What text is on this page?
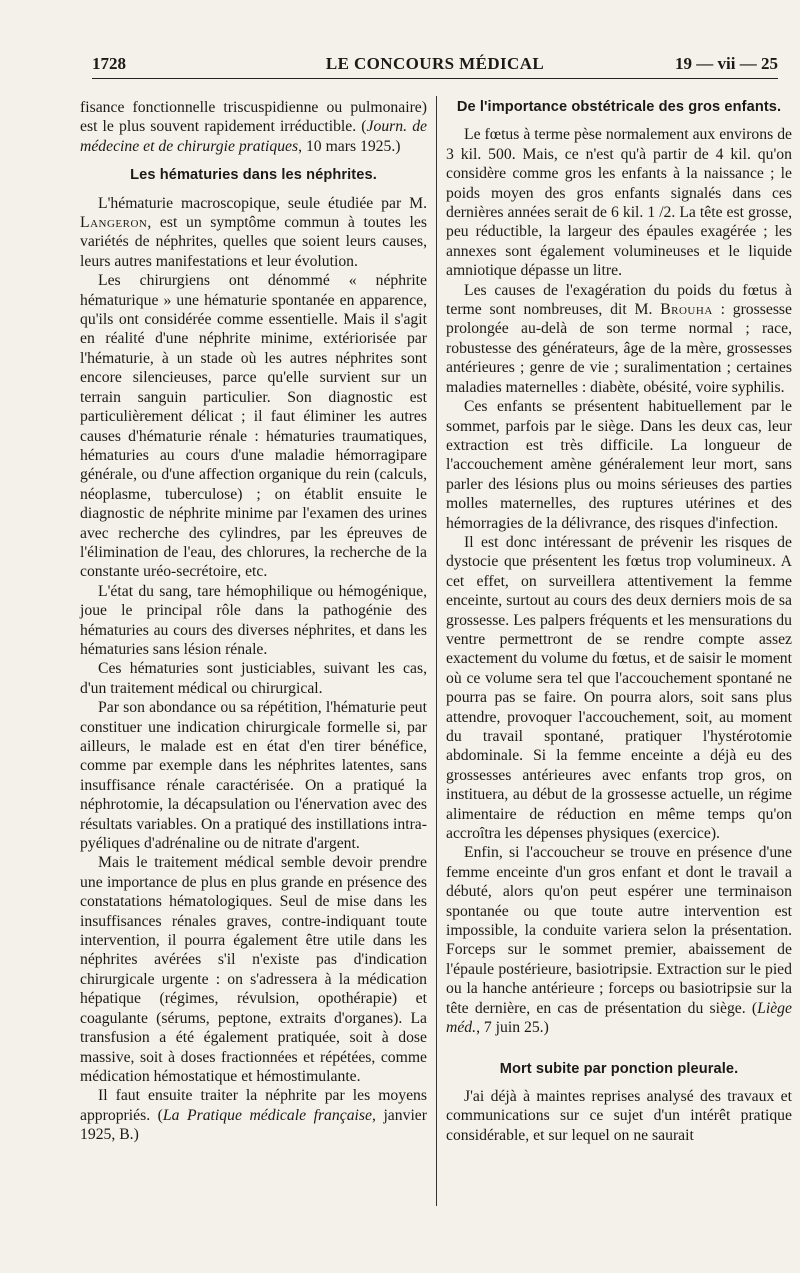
1728	LE CONCOURS MÉDICAL	19 — vii — 25

fisance fonctionnelle triscuspidienne ou pulmonaire) est le plus souvent rapidement irréductible. (Journ. de médecine et de chirurgie pratiques, 10 mars 1925.)

Les hématuries dans les néphrites.

L'hématurie macroscopique, seule étudiée par M. Langeron, est un symptôme commun à toutes les variétés de néphrites, quelles que soient leurs causes, leurs autres manifestations et leur évolution.

Les chirurgiens ont dénommé « néphrite hématurique » une hématurie spontanée en apparence, qu'ils ont considérée comme essentielle. Mais il s'agit en réalité d'une néphrite minime, extériorisée par l'hématurie, à un stade où les autres néphrites sont encore silencieuses, parce qu'elle survient sur un terrain sanguin particulier. Son diagnostic est particulièrement délicat ; il faut éliminer les autres causes d'hématurie rénale : hématuries traumatiques, hématuries au cours d'une maladie hémorragipare générale, ou d'une affection organique du rein (calculs, néoplasme, tuberculose) ; on établit ensuite le diagnostic de néphrite minime par l'examen des urines avec recherche des cylindres, par les épreuves de l'élimination de l'eau, des chlorures, la recherche de la constante uréo-secrétoire, etc.

L'état du sang, tare hémophilique ou hémogénique, joue le principal rôle dans la pathogénie des hématuries au cours des diverses néphrites, et dans les hématuries sans lésion rénale.

Ces hématuries sont justiciables, suivant les cas, d'un traitement médical ou chirurgical.

Par son abondance ou sa répétition, l'hématurie peut constituer une indication chirurgicale formelle si, par ailleurs, le malade est en état d'en tirer bénéfice, comme par exemple dans les néphrites latentes, sans insuffisance rénale caractérisée. On a pratiqué la néphrotomie, la décapsulation ou l'énervation avec des résultats variables. On a pratiqué des instillations intra-pyéliques d'adrénaline ou de nitrate d'argent.

Mais le traitement médical semble devoir prendre une importance de plus en plus grande en présence des constatations hématologiques. Seul de mise dans les insuffisances rénales graves, contre-indiquant toute intervention, il pourra également être utile dans les néphrites avérées s'il n'existe pas d'indication chirurgicale urgente : on s'adressera à la médication hépatique (régimes, révulsion, opothérapie) et coagulante (sérums, peptone, extraits d'organes). La transfusion a été également pratiquée, soit à dose massive, soit à doses fractionnées et répétées, comme médication hémostatique et hémostimulante.

Il faut ensuite traiter la néphrite par les moyens appropriés. (La Pratique médicale française, janvier 1925, B.)

De l'importance obstétricale des gros enfants.

Le fœtus à terme pèse normalement aux environs de 3 kil. 500. Mais, ce n'est qu'à partir de 4 kil. qu'on considère comme gros les enfants à la naissance ; le poids moyen des gros enfants signalés dans ces dernières années serait de 6 kil. 1 /2. La tête est grosse, peu réductible, la largeur des épaules exagérée ; les annexes sont également volumineuses et le liquide amniotique dépasse un litre.

Les causes de l'exagération du poids du fœtus à terme sont nombreuses, dit M. Brouha : grossesse prolongée au-delà de son terme normal ; race, robustesse des générateurs, âge de la mère, grossesses antérieures ; genre de vie ; suralimentation ; certaines maladies maternelles : diabète, obésité, voire syphilis.

Ces enfants se présentent habituellement par le sommet, parfois par le siège. Dans les deux cas, leur extraction est très difficile. La longueur de l'accouchement amène généralement leur mort, sans parler des lésions plus ou moins sérieuses des parties molles maternelles, des ruptures utérines et des hémorragies de la délivrance, des risques d'infection.

Il est donc intéressant de prévenir les risques de dystocie que présentent les fœtus trop volumineux. A cet effet, on surveillera attentivement la femme enceinte, surtout au cours des deux derniers mois de sa grossesse. Les palpers fréquents et les mensurations du ventre permettront de se rendre compte assez exactement du volume du fœtus, et de saisir le moment où ce volume sera tel que l'accouchement spontané ne pourra pas se faire. On pourra alors, soit sans plus attendre, provoquer l'accouchement, soit, au moment du travail spontané, pratiquer l'hystérotomie abdominale. Si la femme enceinte a déjà eu des grossesses antérieures avec enfants trop gros, on instituera, au début de la grossesse actuelle, un régime alimentaire de réduction en même temps qu'on accroîtra les dépenses physiques (exercice).

Enfin, si l'accoucheur se trouve en présence d'une femme enceinte d'un gros enfant et dont le travail a débuté, alors qu'on peut espérer une terminaison spontanée ou que toute autre intervention est impossible, la conduite variera selon la présentation. Forceps sur le sommet premier, abaissement de l'épaule postérieure, basiotripsie. Extraction sur le pied ou la hanche antérieure ; forceps ou basiotripsie sur la tête dernière, en cas de présentation du siège. (Liège méd., 7 juin 25.)

Mort subite par ponction pleurale.

J'ai déjà à maintes reprises analysé des travaux et communications sur ce sujet d'un intérêt pratique considérable, et sur lequel on ne saurait
